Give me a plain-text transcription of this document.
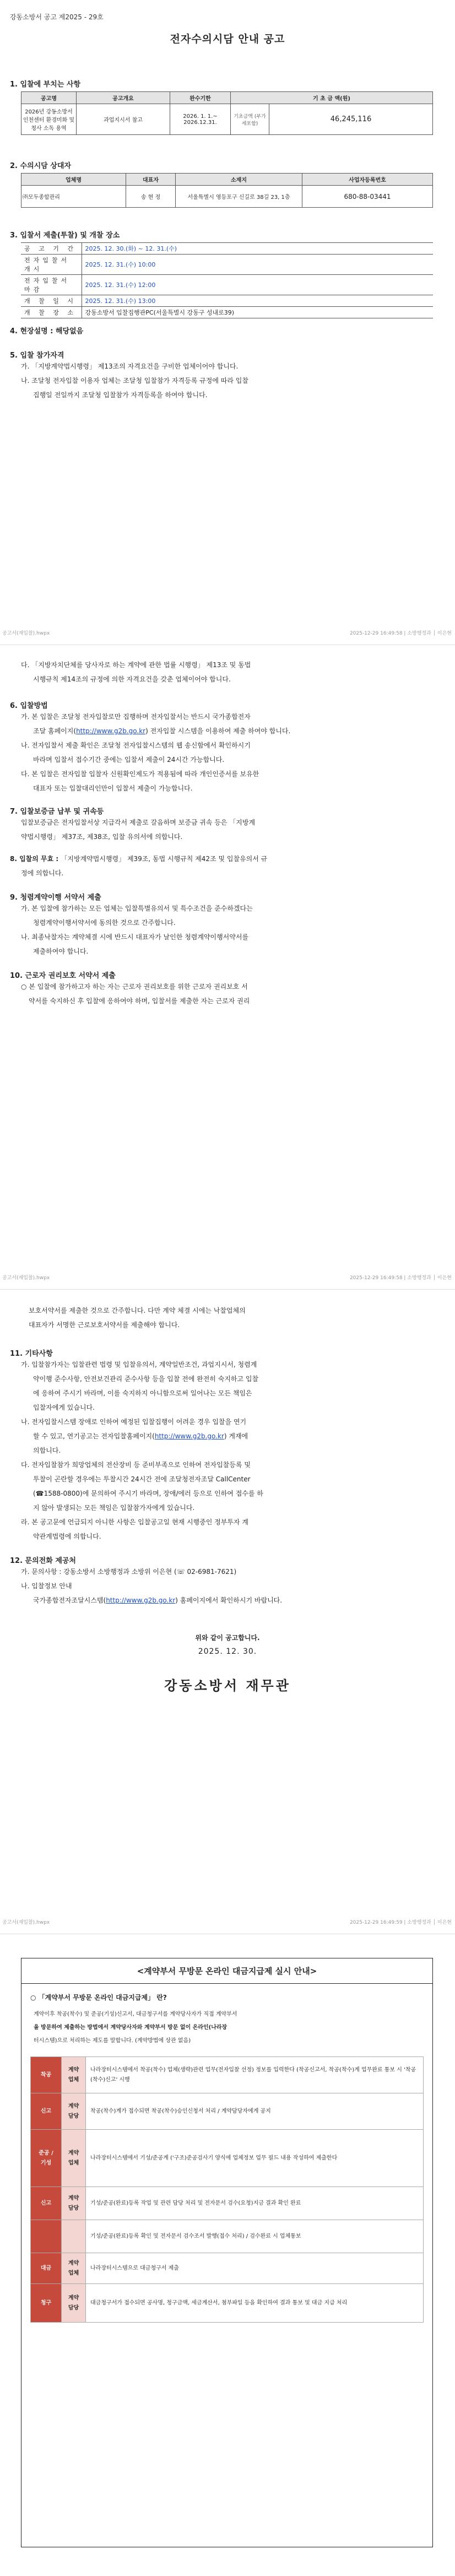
강동소방서 공고 제2025 - 29호
전자수의시담 안내 공고
1. 입찰에 부치는 사항
공고명	공고개요	완수기한	기 초 금 액(원)	
2026년 강동소방서 인천센터 환경미화 및 청사 소독 용역	과업지시서 참고	2026. 1. 1.~ 2026.12.31.	기초금액 (부가세포함)	46,245,116
2. 수의시담 상대자
업체명	대표자	소재지	사업자등록번호
㈜모두종합관리	송 현 정	서울특별시 영등포구 신길로 38길 23, 1층	680-88-03441
3. 입찰서 제출(투찰) 및 개찰 장소
공 고 기 간	2025. 12. 30.(화) ~ 12. 31.(수)
전자입찰서 개시	2025. 12. 31.(수) 10:00
전자입찰서 마감	2025. 12. 31.(수) 12:00
개 찰 일 시	2025. 12. 31.(수) 13:00
개 찰 장 소	강동소방서 입찰집행관PC(서울특별시 강동구 성내로39)
4. 현장설명 : 해당없음
5. 입찰 참가자격
가. 「지방계약법시행령」 제13조의 자격요건을 구비한 업체이어야 합니다.
나. 조달청 전자입찰 이용자 업체는 조달청 입찰참가 자격등록 규정에 따라 입찰
집행일 전일까지 조달청 입찰참가 자격등록을 하여야 합니다.
공고서(재입찰).hwpx	2025-12-29 16:49:58 | 소방행정과 │ 이은현
다. 「지방자치단체를 당사자로 하는 계약에 관한 법률 시행령」 제13조 및 동법
시행규칙 제14조의 규정에 의한 자격요건을 갖춘 업체이어야 합니다.
6. 입찰방법
가. 본 입찰은 조달청 전자입찰로만 집행하며 전자입찰서는 반드시 국가종합전자
조달 홈페이지(http://www.g2b.go.kr) 전자입찰 시스템을 이용하여 제출 하여야 합니다.
나. 전자입찰서 제출 확인은 조달청 전자입찰시스템의 웹 송신함에서 확인하시기
바라며 입찰서 접수기간 중에는 입찰서 제출이 24시간 가능합니다.
다. 본 입찰은 전자입찰 입찰자 신원확인제도가 적용됨에 따라 개인인증서를 보유한
대표자 또는 입찰대리인만이 입찰서 제출이 가능합니다.
7. 입찰보증금 납부 및 귀속등
입찰보증금은 전자입찰서상 지급각서 제출로 갈음하며 보증금 귀속 등은 「지방계
약법시행령」 제37조, 제38조, 입찰 유의서에 의합니다.
8. 입찰의 무효 : 「지방계약법시행령」 제39조, 동법 시행규칙 제42조 및 입찰유의서 규
정에 의합니다.
9. 청렴계약이행 서약서 제출
가. 본 입찰에 참가하는 모든 업체는 입찰특별유의서 및 특수조건을 준수하겠다는
청렴계약이행서약서에 동의한 것으로 간주합니다.
나. 최종낙찰자는 계약체결 시에 반드시 대표자가 날인한 청렴계약이행서약서를
제출하여야 합니다.
10. 근로자 권리보호 서약서 제출
○ 본 입찰에 참가하고자 하는 자는 근로자 권리보호를 위한 근로자 권리보호 서
약서를 숙지하신 후 입찰에 응하여야 하며, 입찰서를 제출한 자는 근로자 권리
공고서(재입찰).hwpx	2025-12-29 16:49:58 | 소방행정과 │ 이은현
보호서약서를 제출한 것으로 간주합니다. 다만 계약 체결 시에는 낙찰업체의
대표자가 서명한 근로보호서약서를 제출해야 합니다.
11. 기타사항
가. 입찰참가자는 입찰관련 법령 및 입찰유의서, 계약일반조건, 과업지시서, 청렴계
약이행 준수사항, 안전보건관리 준수사항 등을 입찰 전에 완전히 숙지하고 입찰
에 응하여 주시기 바라며, 이를 숙지하지 아니함으로써 일어나는 모든 책임은
입찰자에게 있습니다.
나. 전자입찰시스템 장애로 인하여 예정된 입찰집행이 어려운 경우 입찰을 연기
할 수 있고, 연기공고는 전자입찰홈페이지(http://www.g2b.go.kr) 게재에
의합니다.
다. 전자입찰참가 희망업체의 전산장비 등 준비부족으로 인하여 전자입찰등록 및
투찰이 곤란할 경우에는 투찰시간 24시간 전에 조달청전자조달 CallCenter
(☎1588-0800)에 문의하여 주시기 바라며, 장애/에러 등으로 인하여 접수를 하
지 않아 발생되는 모든 책임은 입찰참가자에게 있습니다.
라. 본 공고문에 언급되지 아니한 사항은 입찰공고일 현재 시행중인 정부투자 계
약관계법령에 의합니다.
12. 문의전화 제공처
가. 문의사항 : 강동소방서 소방행정과 소방위 이은현 (☏ 02-6981-7621)
나. 입찰정보 안내
국가종합전자조달시스템(http://www.g2b.go.kr) 홈페이지에서 확인하시기 바랍니다.
위와 같이 공고합니다.
2025. 12. 30.
강동소방서 재무관
공고서(재입찰).hwpx	2025-12-29 16:49:59 | 소방행정과 │ 이은현
<계약부서 무방문 온라인 대금지급제 실시 안내>
○ 「계약부서 무방문 온라인 대금지급제」 란?
계약이후 착공(착수) 및 준공(기성)신고서, 대금청구서를 계약당사자가 직접 계약부서
을 방문하여 제출하는 방법에서 계약당사자와 계약부서 방문 없이 온라인(나라장
터시스템)으로 처리하는 제도를 말합니다. (계약방법에 상관 없음)
착공	계약 업체	나라장터시스템에서 착공(착수) 업체(생략)관련 업무(전자입찰 선정) 정보를 입력한다 (착공신고서, 착공(착수)계 업무완료 통보 시 '착공(착수)신고' 시행
신고	계약 담당	착공(착수)계가 접수되면 착공(착수)승인신청서 처리 / 계약담당자에게 공지
준공 / 기성	계약 업체	나라장터시스템에서 기성/준공계 ('구조)준공검사기 양식에 업체정보 업무 필드 내용 작성하여 제출한다
신고	계약 담당	기성/준공(완료)등록 작업 및 관련 담당 처리 및 전자문서 검수(요청)지금 결과 확인 완료
		기성/준공(완료)등록 확인 및 전자문서 검수조서 발행(접수 처리) / 검수완료 시 업체통보
대금	계약 업체	나라장터시스템으로 대금청구서 제출
청구	계약 담당	대금청구서가 접수되면 공사명, 청구금액, 세금계산서, 첨부파일 등을 확인하여 결과 통보 및 대금 지급 처리
